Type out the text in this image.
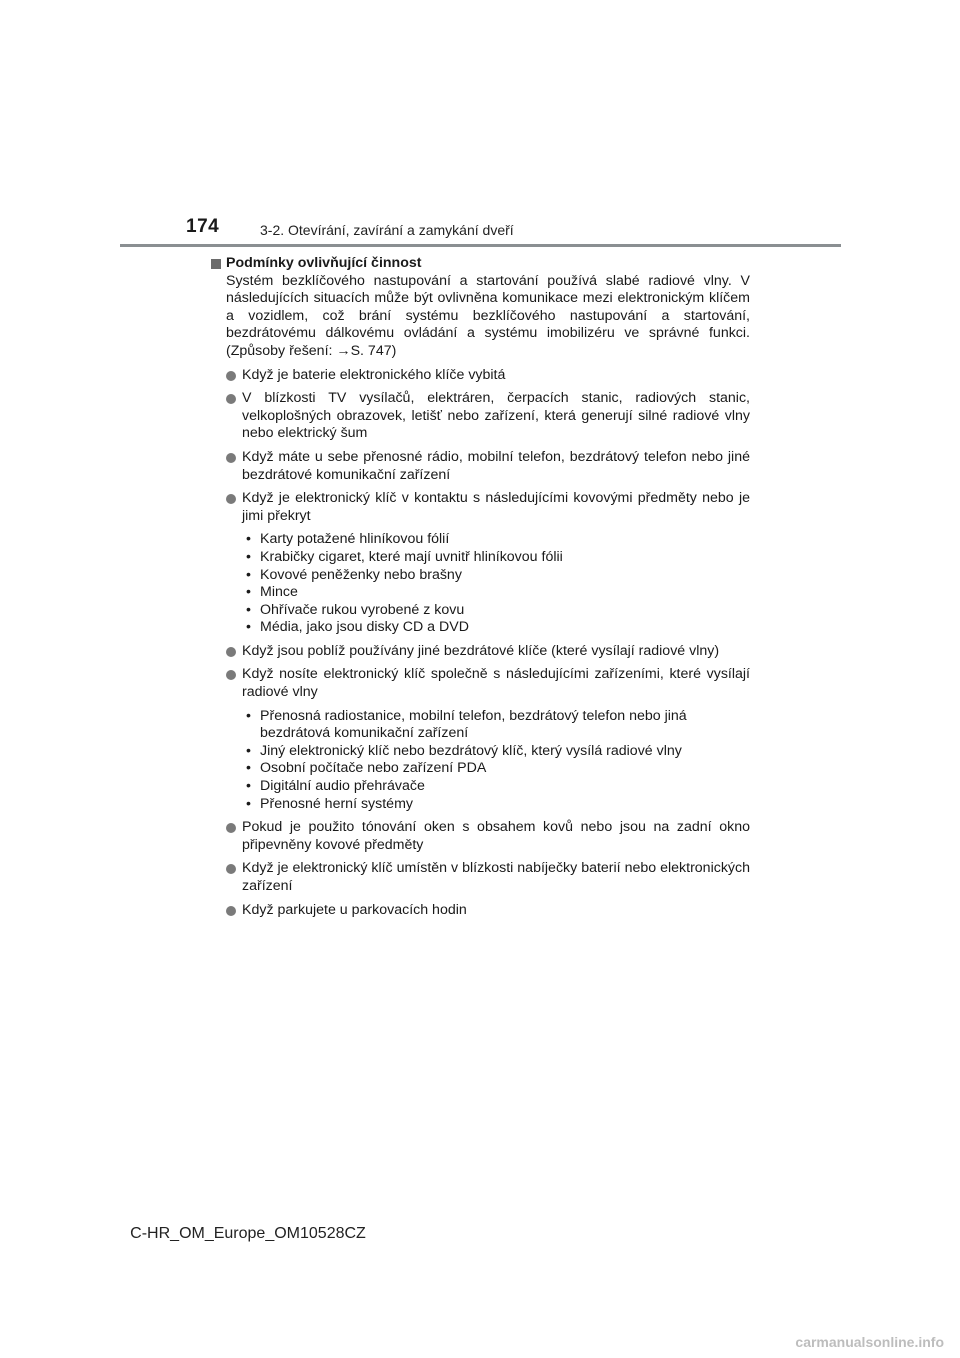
174	3-2. Otevírání, zavírání a zamykání dveří
Podmínky ovlivňující činnost
Systém bezklíčového nastupování a startování používá slabé radiové vlny. V následujících situacích může být ovlivněna komunikace mezi elektronickým klíčem a vozidlem, což brání systému bezklíčového nastupování a startování, bezdrátovému dálkovému ovládání a systému imobilizéru ve správné funkci. (Způsoby řešení: →S. 747)
Když je baterie elektronického klíče vybitá
V blízkosti TV vysílačů, elektráren, čerpacích stanic, radiových stanic, velkoplošných obrazovek, letišť nebo zařízení, která generují silné radiové vlny nebo elektrický šum
Když máte u sebe přenosné rádio, mobilní telefon, bezdrátový telefon nebo jiné bezdrátové komunikační zařízení
Když je elektronický klíč v kontaktu s následujícími kovovými předměty nebo je jimi překryt
• Karty potažené hliníkovou fólií
• Krabičky cigaret, které mají uvnitř hliníkovou fólii
• Kovové peněženky nebo brašny
• Mince
• Ohřívače rukou vyrobené z kovu
• Média, jako jsou disky CD a DVD
Když jsou poblíž používány jiné bezdrátové klíče (které vysílají radiové vlny)
Když nosíte elektronický klíč společně s následujícími zařízeními, které vysílají radiové vlny
• Přenosná radiostanice, mobilní telefon, bezdrátový telefon nebo jiná bezdrátová komunikační zařízení
• Jiný elektronický klíč nebo bezdrátový klíč, který vysílá radiové vlny
• Osobní počítače nebo zařízení PDA
• Digitální audio přehrávače
• Přenosné herní systémy
Pokud je použito tónování oken s obsahem kovů nebo jsou na zadní okno připevněny kovové předměty
Když je elektronický klíč umístěn v blízkosti nabíječky baterií nebo elektronických zařízení
Když parkujete u parkovacích hodin
C-HR_OM_Europe_OM10528CZ
carmanualsonline.info
